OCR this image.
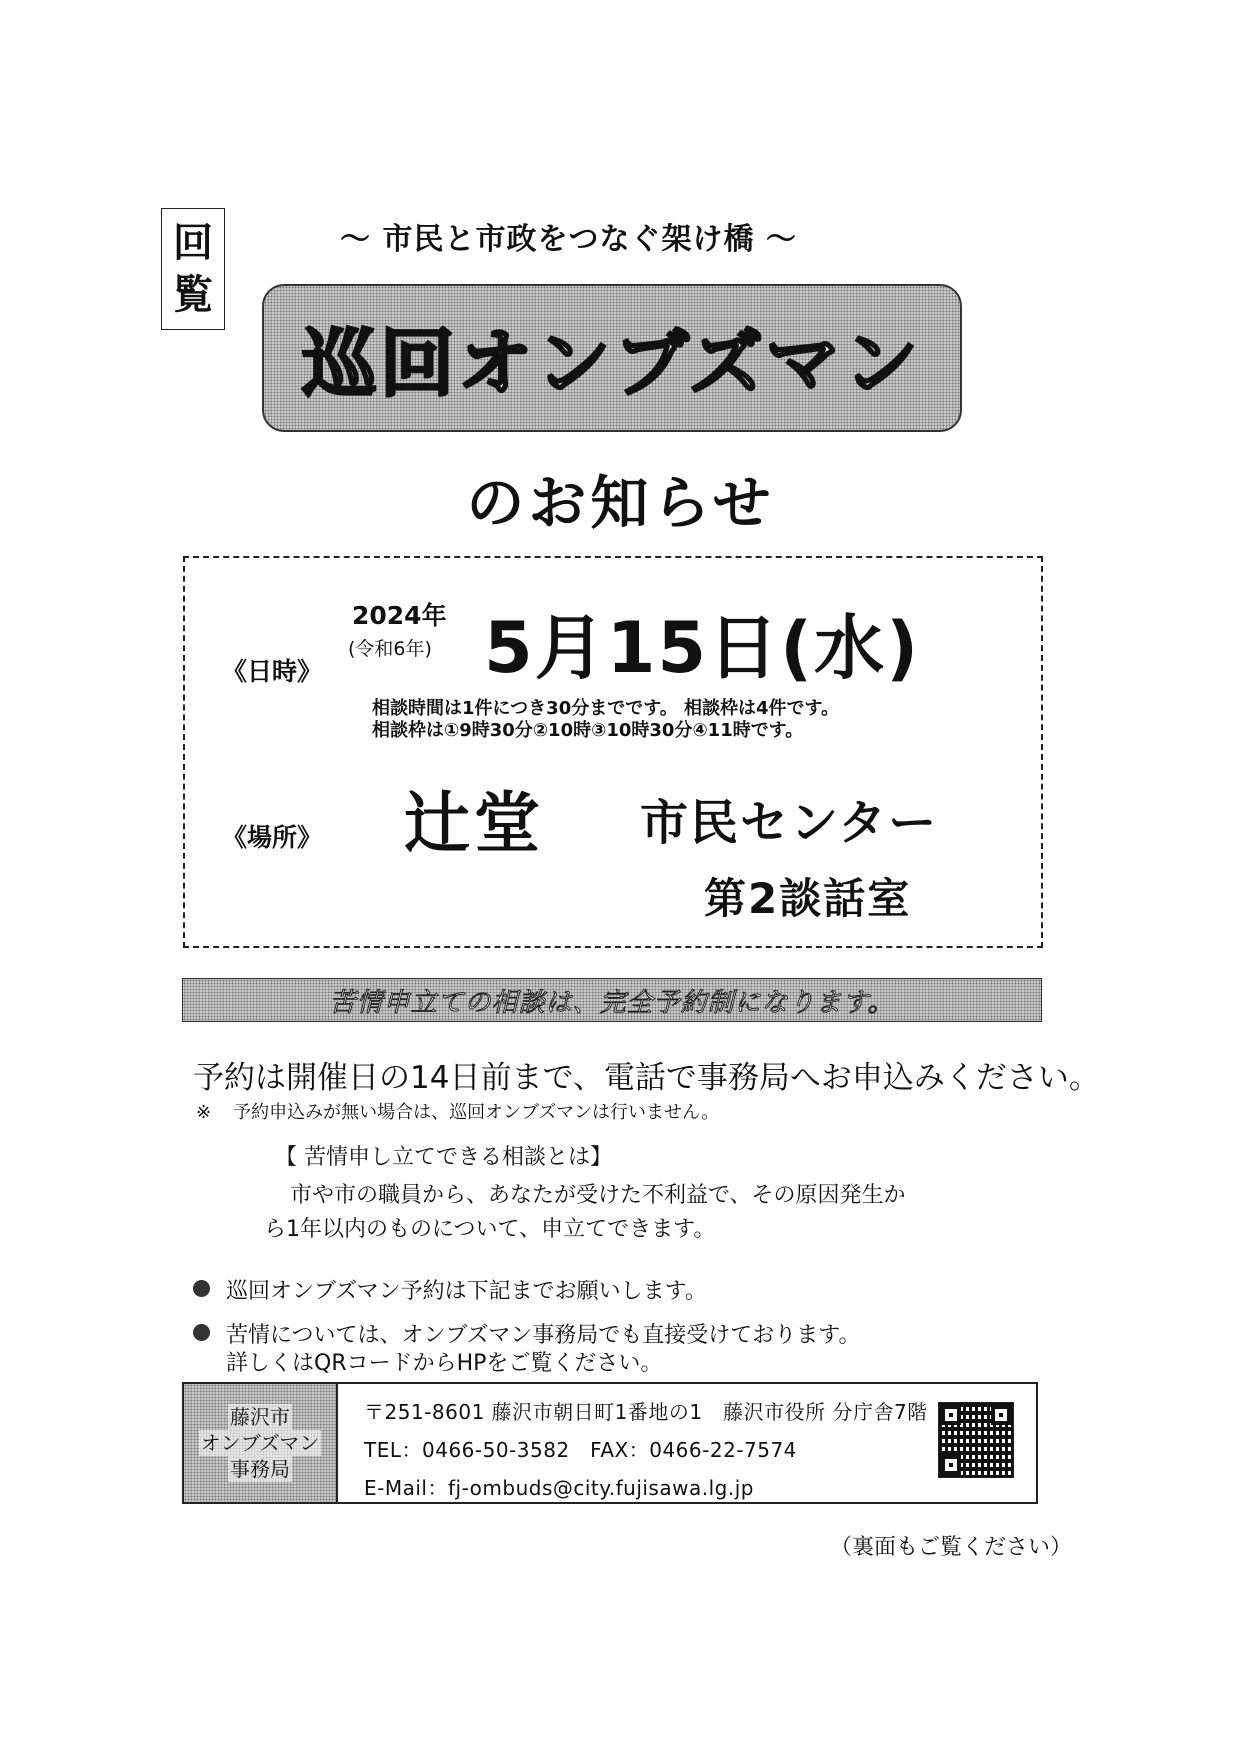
回
覧
～ 市民と市政をつなぐ架け橋 ～
巡回オンブズマン
のお知らせ
《日時》
2024年
(令和6年) 5月15日(水)
相談時間は1件につき30分までです。 相談枠は4件です。
相談枠は①9時30分②10時③10時30分④11時です。
《場所》 辻堂 市民センター
第2談話室
苦情申立ての相談は、完全予約制になります。
予約は開催日の14日前まで、電話で事務局へお申込みください。
※ 予約申込みが無い場合は、巡回オンブズマンは行いません。
【 苦情申し立てできる相談とは】
市や市の職員から、あなたが受けた不利益で、その原因発生か
ら1年以内のものについて、申立てできます。
巡回オンブズマン予約は下記までお願いします。
苦情については、オンブズマン事務局でも直接受けております。
詳しくはQRコードからHPをご覧ください。
藤沢市
オンブズマン
事務局
〒251-8601 藤沢市朝日町1番地の1　藤沢市役所 分庁舎7階
TEL：0466-50-3582　FAX：0466-22-7574
E-Mail：fj-ombuds@city.fujisawa.lg.jp
（裏面もご覧ください）
